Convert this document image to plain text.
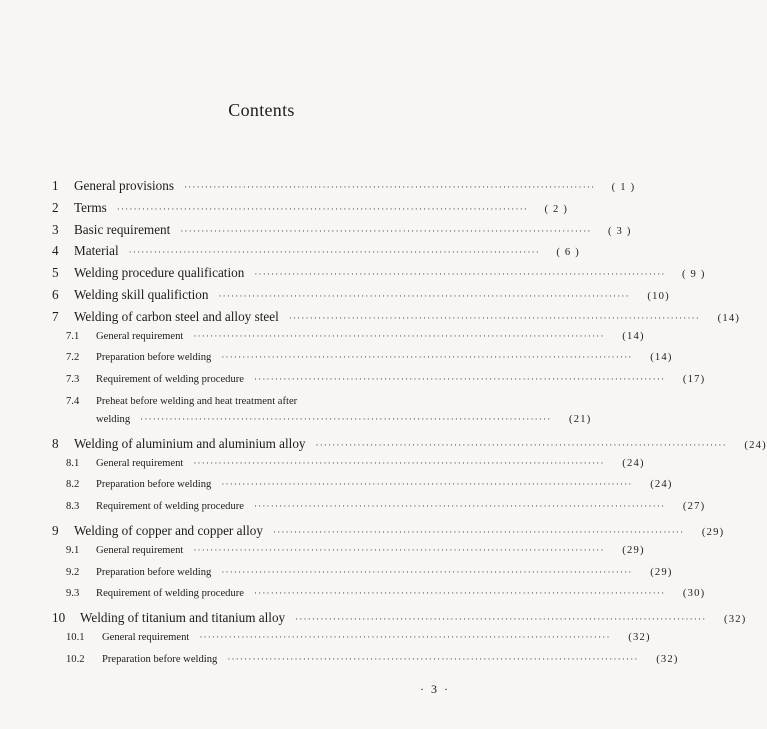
Contents
1	General provisions	··································································································	( 1 )
2	Terms	··································································································	( 2 )
3	Basic requirement	··································································································	( 3 )
4	Material	··································································································	( 6 )
5	Welding procedure qualification	··································································································	( 9 )
6	Welding skill qualifiction	··································································································	(10)
7	Welding of carbon steel and alloy steel	··································································································	(14)
7.1	General requirement	··································································································	(14)
7.2	Preparation before welding	··································································································	(14)
7.3	Requirement of welding procedure	··································································································	(17)
7.4	Preheat before welding and heat treatment after
welding	··································································································	(21)
8	Welding of aluminium and aluminium alloy	··································································································	(24)
8.1	General requirement	··································································································	(24)
8.2	Preparation before welding	··································································································	(24)
8.3	Requirement of welding procedure	··································································································	(27)
9	Welding of copper and copper alloy	··································································································	(29)
9.1	General requirement	··································································································	(29)
9.2	Preparation before welding	··································································································	(29)
9.3	Requirement of welding procedure	··································································································	(30)
10	Welding of titanium and titanium alloy	··································································································	(32)
10.1	General requirement	··································································································	(32)
10.2	Preparation before welding	··································································································	(32)
· 3 ·
